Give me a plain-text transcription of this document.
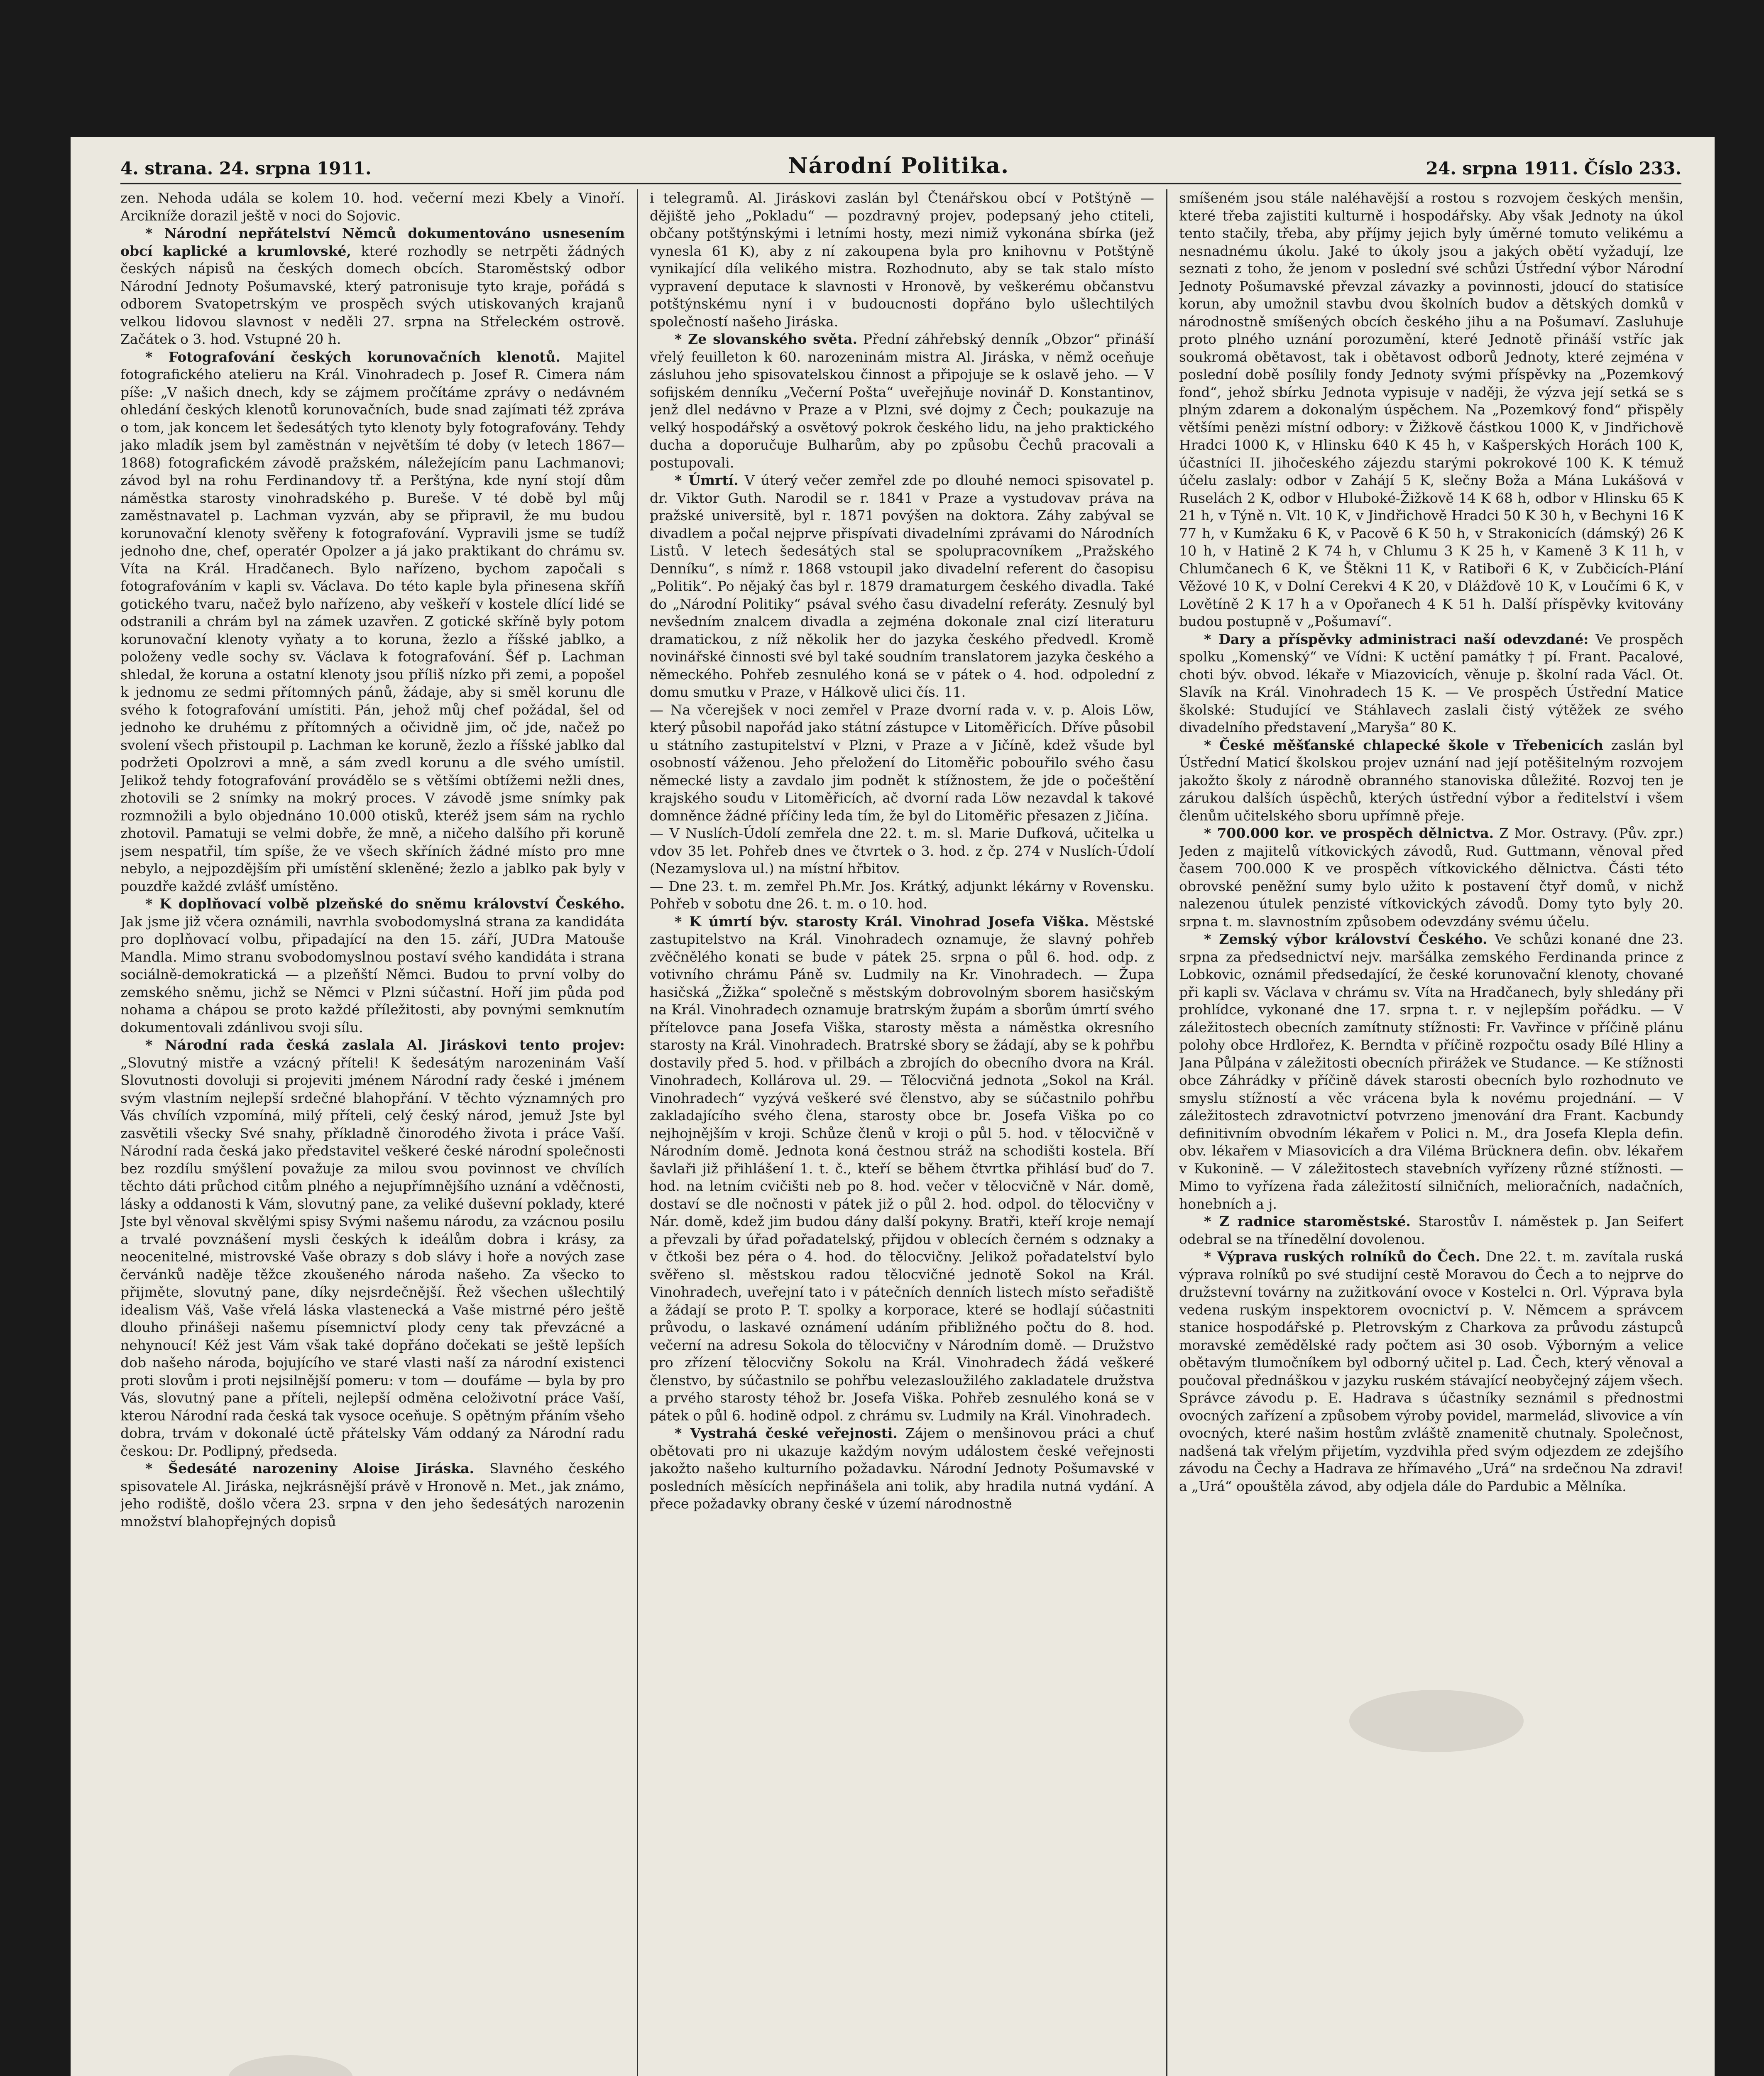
4. strana. 24. srpna 1911.	Národní Politika.	24. srpna 1911. Číslo 233.

zen. Nehoda udála se kolem 10. hod. večerní mezi Kbely a Vinoří. Arcikníže dorazil ještě v noci do Sojovic.

* Národní nepřátelství Němců dokumentováno usnesením obcí kaplické a krumlovské, které rozhodly se netrpěti žádných českých nápisů na českých domech obcích. Staroměstský odbor Národní Jednoty Pošumavské, který patronisuje tyto kraje, pořádá s odborem Svatopetrským ve prospěch svých utiskovaných krajanů velkou lidovou slavnost v neděli 27. srpna na Střeleckém ostrově. Začátek o 3. hod. Vstupné 20 h.

* Fotografování českých korunovačních klenotů. Majitel fotografického atelieru na Král. Vinohradech p. Josef R. Cimera nám píše: „V našich dnech, kdy se zájmem pročítáme zprávy o nedávném ohledání českých klenotů korunovačních, bude snad zajímati též zpráva o tom, jak koncem let šedesátých tyto klenoty byly fotografovány. Tehdy jako mladík jsem byl zaměstnán v největším té doby (v letech 1867—1868) fotografickém závodě pražském, náležejícím panu Lachmanovi; závod byl na rohu Ferdinandovy tř. a Perštýna, kde nyní stojí dům náměstka starosty vinohradského p. Bureše. V té době byl můj zaměstnavatel p. Lachman vyzván, aby se připravil, že mu budou korunovační klenoty svěřeny k fotografování. Vypravili jsme se tudíž jednoho dne, chef, operatér Opolzer a já jako praktikant do chrámu sv. Víta na Král. Hradčanech. Bylo nařízeno, bychom započali s fotografováním v kapli sv. Václava. Do této kaple byla přinesena skříň gotického tvaru, načež bylo nařízeno, aby veškeří v kostele dlící lidé se odstranili a chrám byl na zámek uzavřen. Z gotické skříně byly potom korunovační klenoty vyňaty a to koruna, žezlo a říšské jablko, a položeny vedle sochy sv. Václava k fotografování. Šéf p. Lachman shledal, že koruna a ostatní klenoty jsou příliš nízko při zemi, a popošel k jednomu ze sedmi přítomných pánů, žádaje, aby si směl korunu dle svého k fotografování umístiti. Pán, jehož můj chef požádal, šel od jednoho ke druhému z přítomných a očividně jim, oč jde, načež po svolení všech přistoupil p. Lachman ke koruně, žezlo a říšské jablko dal podržeti Opolzrovi a mně, a sám zvedl korunu a dle svého umístil. Jelikož tehdy fotografování provádělo se s většími obtížemi nežli dnes, zhotovili se 2 snímky na mokrý proces. V závodě jsme snímky pak rozmnožili a bylo objednáno 10.000 otisků, kteréž jsem sám na rychlo zhotovil. Pamatuji se velmi dobře, že mně, a ničeho dalšího při koruně jsem nespatřil, tím spíše, že ve všech skříních žádné místo pro mne nebylo, a nejpozdějším při umístění skleněné; žezlo a jablko pak byly v pouzdře každé zvlášť umístěno.

* K doplňovací volbě plzeňské do sněmu království Českého. Jak jsme již včera oznámili, navrhla svobodomyslná strana za kandidáta pro doplňovací volbu, připadající na den 15. září, JUDra Matouše Mandla. Mimo stranu svobodomyslnou postaví svého kandidáta i strana sociálně-demokratická — a plzeňští Němci. Budou to první volby do zemského sněmu, jichž se Němci v Plzni súčastní. Hoří jim půda pod nohama a chápou se proto každé příležitosti, aby povnými semknutím dokumentovali zdánlivou svoji sílu.

* Národní rada česká zaslala Al. Jiráskovi tento projev: „Slovutný mistře a vzácný příteli! K šedesátým narozeninám Vaší Slovutnosti dovoluji si projeviti jménem Národní rady české i jménem svým vlastním nejlepší srdečné blahopřání. V těchto významných pro Vás chvílích vzpomíná, milý příteli, celý český národ, jemuž Jste byl zasvětili všecky Své snahy, příkladně činorodého života i práce Vaší. Národní rada česká jako představitel veškeré české národní společnosti bez rozdílu smýšlení považuje za milou svou povinnost ve chvílích těchto dáti průchod citům plného a nejupřímnějšího uznání a vděčnosti, lásky a oddanosti k Vám, slovutný pane, za veliké duševní poklady, které Jste byl věnoval skvělými spisy Svými našemu národu, za vzácnou posilu a trvalé povznášení mysli českých k ideálům dobra i krásy, za neocenitelné, mistrovské Vaše obrazy s dob slávy i hoře a nových zase červánků naděje těžce zkoušeného národa našeho. Za všecko to přijměte, slovutný pane, díky nejsrdečnější. Řež všechen ušlechtilý idealism Váš, Vaše vřelá láska vlastenecká a Vaše mistrné péro ještě dlouho přinášeji našemu písemnictví plody ceny tak převzácné a nehynoucí! Kéž jest Vám však také dopřáno dočekati se ještě lepších dob našeho národa, bojujícího ve staré vlasti naší za národní existenci proti slovům i proti nejsilnější pomeru: v tom — doufáme — byla by pro Vás, slovutný pane a příteli, nejlepší odměna celoživotní práce Vaší, kterou Národní rada česká tak vysoce oceňuje. S opětným přáním všeho dobra, trvám v dokonalé úctě přátelsky Vám oddaný za Národní radu českou: Dr. Podlipný, předseda.

* Šedesáté narozeniny Aloise Jiráska. Slavného českého spisovatele Al. Jiráska, nejkrásnější právě v Hronově n. Met., jak známo, jeho rodiště, došlo včera 23. srpna v den jeho šedesátých narozenin množství blahopřejných dopisů

i telegramů. Al. Jiráskovi zaslán byl Čtenářskou obcí v Potštýně — dějiště jeho „Pokladu“ — pozdravný projev, podepsaný jeho ctiteli, občany potštýnskými i letními hosty, mezi nimiž vykonána sbírka (jež vynesla 61 K), aby z ní zakoupena byla pro knihovnu v Potštýně vynikající díla velikého mistra. Rozhodnuto, aby se tak stalo místo vypravení deputace k slavnosti v Hronově, by veškerému občanstvu potštýnskému nyní i v budoucnosti dopřáno bylo ušlechtilých společností našeho Jiráska.

* Ze slovanského světa. Přední záhřebský denník „Obzor“ přináší vřelý feuilleton k 60. narozeninám mistra Al. Jiráska, v němž oceňuje zásluhou jeho spisovatelskou činnost a připojuje se k oslavě jeho. — V sofijském denníku „Večerní Pošta“ uveřejňuje novinář D. Konstantinov, jenž dlel nedávno v Praze a v Plzni, své dojmy z Čech; poukazuje na velký hospodářský a osvětový pokrok českého lidu, na jeho praktického ducha a doporučuje Bulharům, aby po způsobu Čechů pracovali a postupovali.

* Úmrtí. V úterý večer zemřel zde po dlouhé nemoci spisovatel p. dr. Viktor Guth. Narodil se r. 1841 v Praze a vystudovav práva na pražské universitě, byl r. 1871 povýšen na doktora. Záhy zabýval se divadlem a počal nejprve přispívati divadelními zprávami do Národních Listů. V letech šedesátých stal se spolupracovníkem „Pražského Denníku“, s nímž r. 1868 vstoupil jako divadelní referent do časopisu „Politik“. Po nějaký čas byl r. 1879 dramaturgem českého divadla. Také do „Národní Politiky“ psával svého času divadelní referáty. Zesnulý byl nevšedním znalcem divadla a zejména dokonale znal cizí literaturu dramatickou, z níž několik her do jazyka českého předvedl. Kromě novinářské činnosti své byl také soudním translatorem jazyka českého a německého. Pohřeb zesnulého koná se v pátek o 4. hod. odpolední z domu smutku v Praze, v Hálkově ulici čís. 11.

— Na včerejšek v noci zemřel v Praze dvorní rada v. v. p. Alois Löw, který působil napořád jako státní zástupce v Litoměřicích. Dříve působil u státního zastupitelství v Plzni, v Praze a v Jičíně, kdež všude byl osobností váženou. Jeho přeložení do Litoměřic pobouřilo svého času německé listy a zavdalo jim podnět k stížnostem, že jde o počeštění krajského soudu v Litoměřicích, ač dvorní rada Löw nezavdal k takové domněnce žádné příčiny leda tím, že byl do Litoměřic přesazen z Jičína.

— V Nuslích-Údolí zemřela dne 22. t. m. sl. Marie Dufková, učitelka u vdov 35 let. Pohřeb dnes ve čtvrtek o 3. hod. z čp. 274 v Nuslích-Údolí (Nezamyslova ul.) na místní hřbitov.

— Dne 23. t. m. zemřel Ph.Mr. Jos. Krátký, adjunkt lékárny v Rovensku. Pohřeb v sobotu dne 26. t. m. o 10. hod.

* K úmrtí býv. starosty Král. Vinohrad Josefa Viška. Městské zastupitelstvo na Král. Vinohradech oznamuje, že slavný pohřeb zvěčnělého konati se bude v pátek 25. srpna o půl 6. hod. odp. z votivního chrámu Páně sv. Ludmily na Kr. Vinohradech. — Župa hasičská „Žižka“ společně s městským dobrovolným sborem hasičským na Král. Vinohradech oznamuje bratrským župám a sborům úmrtí svého přítelovce pana Josefa Viška, starosty města a náměstka okresního starosty na Král. Vinohradech. Bratrské sbory se žádají, aby se k pohřbu dostavily před 5. hod. v přilbách a zbrojích do obecního dvora na Král. Vinohradech, Kollárova ul. 29. — Tělocvičná jednota „Sokol na Král. Vinohradech“ vyzývá veškeré své členstvo, aby se súčastnilo pohřbu zakladajícího svého člena, starosty obce br. Josefa Viška po co nejhojnějším v kroji. Schůze členů v kroji o půl 5. hod. v tělocvičně v Národním domě. Jednota koná čestnou stráž na schodišti kostela. Bří šavlaři již přihlášení 1. t. č., kteří se během čtvrtka přihlásí buď do 7. hod. na letním cvičišti neb po 8. hod. večer v tělocvičně v Nár. domě, dostaví se dle nočnosti v pátek již o půl 2. hod. odpol. do tělocvičny v Nár. domě, kdež jim budou dány další pokyny. Bratři, kteří kroje nemají a převzali by úřad pořadatelský, přijdou v oblecích černém s odznaky a v čtkoši bez péra o 4. hod. do tělocvičny. Jelikož pořadatelství bylo svěřeno sl. městskou radou tělocvičné jednotě Sokol na Král. Vinohradech, uveřejní tato i v pátečních denních listech místo seřadiště a žádají se proto P. T. spolky a korporace, které se hodlají súčastniti průvodu, o laskavé oznámení udáním přibližného počtu do 8. hod. večerní na adresu Sokola do tělocvičny v Národním domě. — Družstvo pro zřízení tělocvičny Sokolu na Král. Vinohradech žádá veškeré členstvo, by súčastnilo se pohřbu velezasloužilého zakladatele družstva a prvého starosty téhož br. Josefa Viška. Pohřeb zesnulého koná se v pátek o půl 6. hodině odpol. z chrámu sv. Ludmily na Král. Vinohradech.

* Vystrahá české veřejnosti. Zájem o menšinovou práci a chuť obětovati pro ni ukazuje každým novým událostem české veřejnosti jakožto našeho kulturního požadavku. Národní Jednoty Pošumavské v posledních měsících nepřinášela ani tolik, aby hradila nutná vydání. A přece požadavky obrany české v území národnostně

smíšeném jsou stále naléhavější a rostou s rozvojem českých menšin, které třeba zajistiti kulturně i hospodářsky. Aby však Jednoty na úkol tento stačily, třeba, aby příjmy jejich byly úměrné tomuto velikému a nesnadnému úkolu. Jaké to úkoly jsou a jakých obětí vyžadují, lze seznati z toho, že jenom v poslední své schůzi Ústřední výbor Národní Jednoty Pošumavské převzal závazky a povinnosti, jdoucí do statisíce korun, aby umožnil stavbu dvou školních budov a dětských domků v národnostně smíšených obcích českého jihu a na Pošumaví. Zasluhuje proto plného uznání porozumění, které Jednotě přináší vstříc jak soukromá obětavost, tak i obětavost odborů Jednoty, které zejména v poslední době posílily fondy Jednoty svými příspěvky na „Pozemkový fond“, jehož sbírku Jednota vypisuje v naději, že výzva její setká se s plným zdarem a dokonalým úspěchem. Na „Pozemkový fond“ přispěly většími penězi místní odbory: v Žižkově částkou 1000 K, v Jindřichově Hradci 1000 K, v Hlinsku 640 K 45 h, v Kašperských Horách 100 K, účastníci II. jihočeského zájezdu starými pokrokové 100 K. K témuž účelu zaslaly: odbor v Zahájí 5 K, slečny Boža a Mána Lukášová v Ruselách 2 K, odbor v Hluboké-Žižkově 14 K 68 h, odbor v Hlinsku 65 K 21 h, v Týně n. Vlt. 10 K, v Jindřichově Hradci 50 K 30 h, v Bechyni 16 K 77 h, v Kumžaku 6 K, v Pacově 6 K 50 h, v Strakonicích (dámský) 26 K 10 h, v Hatině 2 K 74 h, v Chlumu 3 K 25 h, v Kameně 3 K 11 h, v Chlumčanech 6 K, ve Štěkni 11 K, v Ratiboři 6 K, v Zubčicích-Plání Věžové 10 K, v Dolní Cerekvi 4 K 20, v Dlážďově 10 K, v Loučími 6 K, v Lovětíně 2 K 17 h a v Opořanech 4 K 51 h. Další příspěvky kvitovány budou postupně v „Pošumaví“.

* Dary a příspěvky administraci naší odevzdané: Ve prospěch spolku „Komenský“ ve Vídni: K uctění památky † pí. Frant. Pacalové, choti býv. obvod. lékaře v Miazovicích, věnuje p. školní rada Václ. Ot. Slavík na Král. Vinohradech 15 K. — Ve prospěch Ústřední Matice školské: Studující ve Stáhlavech zaslali čistý výtěžek ze svého divadelního představení „Maryša“ 80 K.

* České měšťanské chlapecké škole v Třebenicích zaslán byl Ústřední Maticí školskou projev uznání nad její potěšitelným rozvojem jakožto školy z národně obranného stanoviska důležité. Rozvoj ten je zárukou dalších úspěchů, kterých ústřední výbor a ředitelství i všem členům učitelského sboru upřímně přeje.

* 700.000 kor. ve prospěch dělnictva. Z Mor. Ostravy. (Pův. zpr.) Jeden z majitelů vítkovických závodů, Rud. Guttmann, věnoval před časem 700.000 K ve prospěch vítkovického dělnictva. Části této obrovské peněžní sumy bylo užito k postavení čtyř domů, v nichž nalezenou útulek penzisté vítkovických závodů. Domy tyto byly 20. srpna t. m. slavnostním způsobem odevzdány svému účelu.

* Zemský výbor království Českého. Ve schůzi konané dne 23. srpna za předsednictví nejv. maršálka zemského Ferdinanda prince z Lobkovic, oznámil předsedající, že české korunovační klenoty, chované při kapli sv. Václava v chrámu sv. Víta na Hradčanech, byly shledány při prohlídce, vykonané dne 17. srpna t. r. v nejlepším pořádku. — V záležitostech obecních zamítnuty stížnosti: Fr. Vavřince v příčině plánu polohy obce Hrdlořez, K. Berndta v příčině rozpočtu osady Bílé Hliny a Jana Půlpána v záležitosti obecních přirážek ve Studance. — Ke stížnosti obce Záhrádky v příčině dávek starosti obecních bylo rozhodnuto ve smyslu stížností a věc vrácena byla k novému projednání. — V záležitostech zdravotnictví potvrzeno jmenování dra Frant. Kacbundy definitivním obvodním lékařem v Polici n. M., dra Josefa Klepla defin. obv. lékařem v Miasovicích a dra Viléma Brücknera defin. obv. lékařem v Kukonině. — V záležitostech stavebních vyřízeny různé stížnosti. — Mimo to vyřízena řada záležitostí silničních, melioračních, nadačních, honebních a j.

* Z radnice staroměstské. Starostův I. náměstek p. Jan Seifert odebral se na třínedělní dovolenou.

* Výprava ruských rolníků do Čech. Dne 22. t. m. zavítala ruská výprava rolníků po své studijní cestě Moravou do Čech a to nejprve do družstevní továrny na zužitkování ovoce v Kostelci n. Orl. Výprava byla vedena ruským inspektorem ovocnictví p. V. Němcem a správcem stanice hospodářské p. Pletrovským z Charkova za průvodu zástupců moravské zemědělské rady počtem asi 30 osob. Výborným a velice obětavým tlumočníkem byl odborný učitel p. Lad. Čech, který věnoval a poučoval přednáškou v jazyku ruském stávající neobyčejný zájem všech. Správce závodu p. E. Hadrava s účastníky seznámil s přednostmi ovocných zařízení a způsobem výroby povidel, marmelád, slivovice a vín ovocných, které našim hostům zvláště znamenitě chutnaly. Společnost, nadšená tak vřelým přijetím, vyzdvihla před svým odjezdem ze zdejšího závodu na Čechy a Hadrava ze hřímavého „Urá“ na srdečnou Na zdravi! a „Urá“ opouštěla závod, aby odjela dále do Pardubic a Mělníka.
